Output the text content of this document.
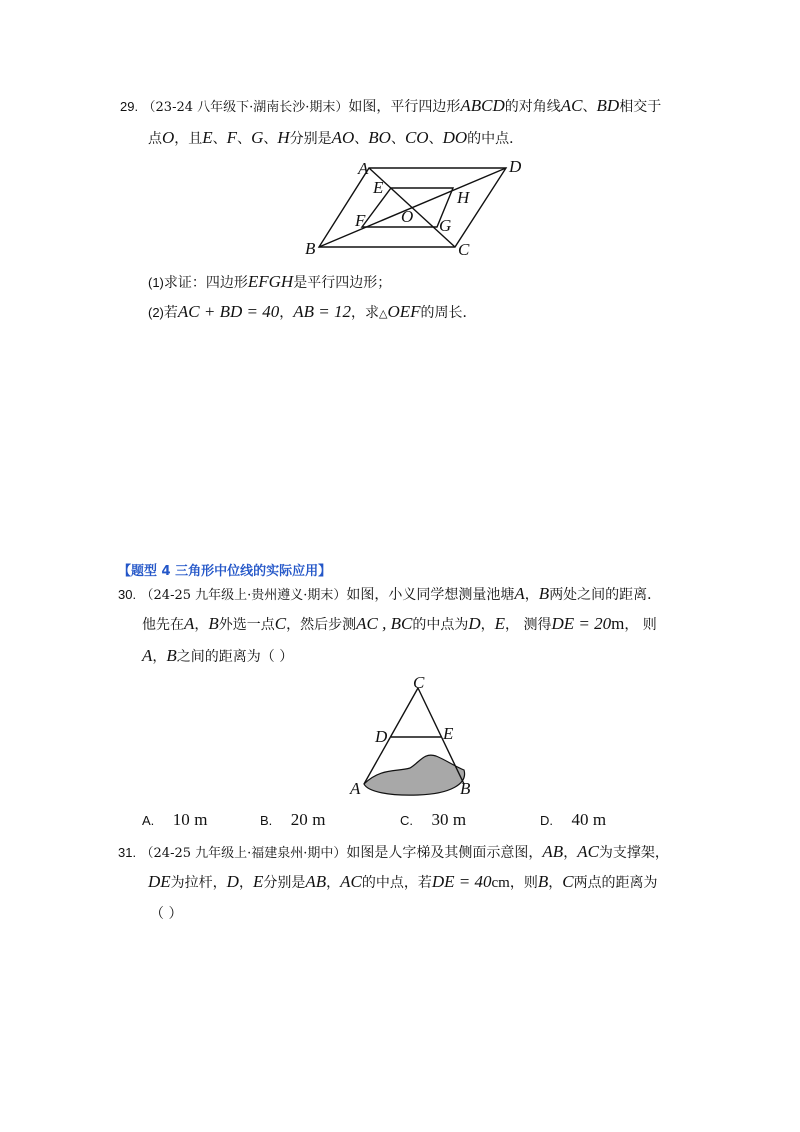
29. （23-24 八年级下·湖南长沙·期末）如图，平行四边形ABCD的对角线AC、BD相交于
点O，且E、F、G、H分别是AO、BO、CO、DO的中点．
A	D
E
H
F O G
B	C
(1)求证：四边形EFGH是平行四边形；
(2)若AC + BD = 40，AB = 12，求△OEF的周长．
【题型 4 三角形中位线的实际应用】
30. （24-25 九年级上·贵州遵义·期末）如图，小义同学想测量池塘A，B两处之间的距离．
他先在A，B外选一点C，然后步测AC , BC的中点为D，E， 测得DE = 20m， 则
A，B之间的距离为（ ）
C
D	E
A	B
A. 10 m	B. 20 m	C. 30 m	D. 40 m
31. （24-25 九年级上·福建泉州·期中）如图是人字梯及其侧面示意图，AB，AC为支撑架，
DE为拉杆，D，E分别是AB，AC的中点，若DE = 40cm，则B，C两点的距离为
（ ）
